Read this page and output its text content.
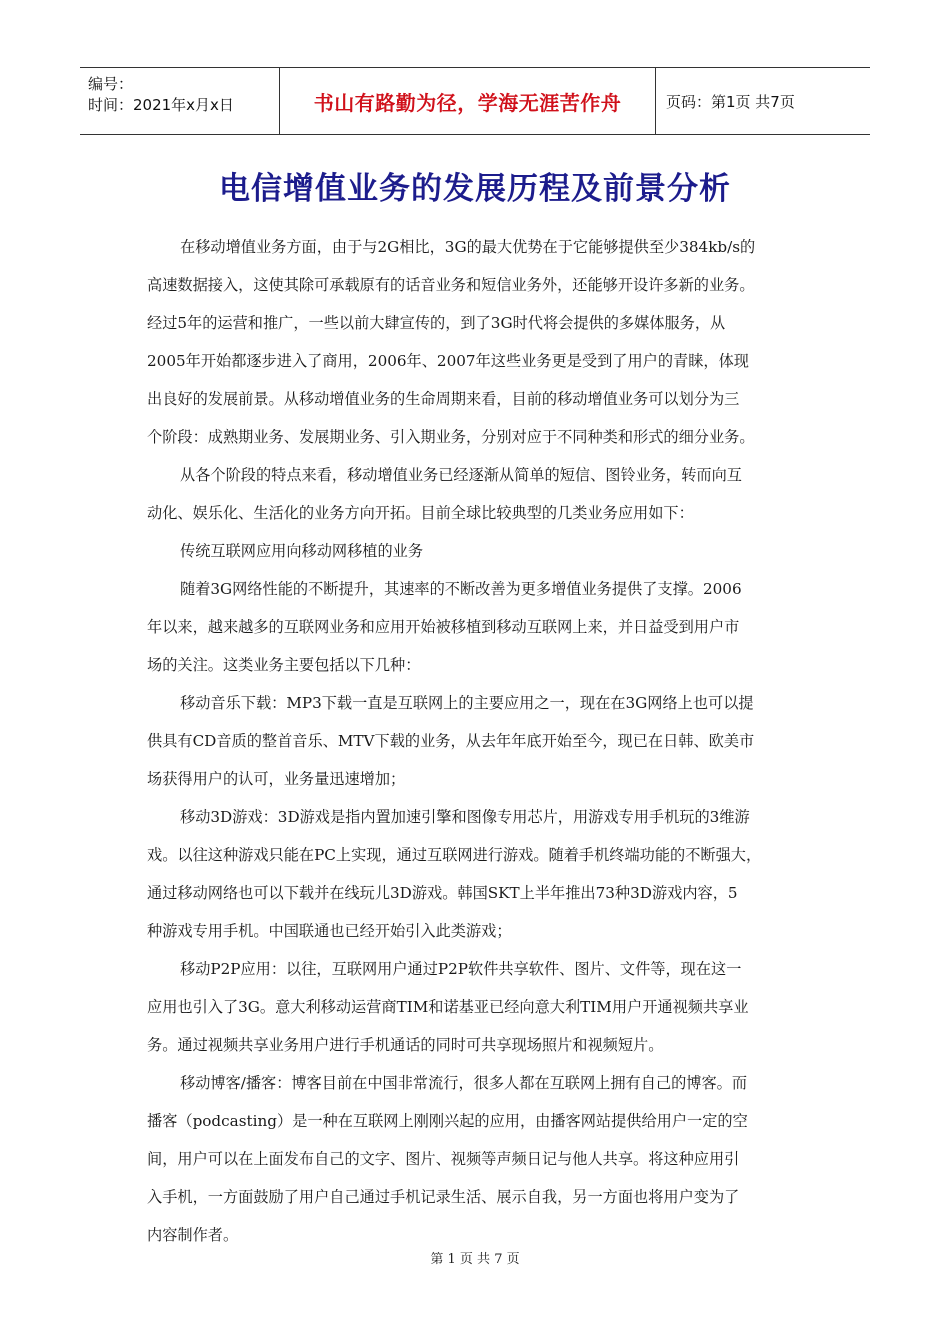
编号：
时间：2021年x月x日	书山有路勤为径，学海无涯苦作舟	页码：第1页 共7页
电信增值业务的发展历程及前景分析
在移动增值业务方面，由于与2G相比，3G的最大优势在于它能够提供至少384kb/s的
高速数据接入，这使其除可承载原有的话音业务和短信业务外，还能够开设许多新的业务。
经过5年的运营和推广，一些以前大肆宣传的，到了3G时代将会提供的多媒体服务，从
2005年开始都逐步进入了商用，2006年、2007年这些业务更是受到了用户的青睐，体现
出良好的发展前景。从移动增值业务的生命周期来看，目前的移动增值业务可以划分为三
个阶段：成熟期业务、发展期业务、引入期业务，分别对应于不同种类和形式的细分业务。
从各个阶段的特点来看，移动增值业务已经逐渐从简单的短信、图铃业务，转而向互
动化、娱乐化、生活化的业务方向开拓。目前全球比较典型的几类业务应用如下：
传统互联网应用向移动网移植的业务
随着3G网络性能的不断提升，其速率的不断改善为更多增值业务提供了支撑。2006
年以来，越来越多的互联网业务和应用开始被移植到移动互联网上来，并日益受到用户市
场的关注。这类业务主要包括以下几种：
移动音乐下载：MP3下载一直是互联网上的主要应用之一，现在在3G网络上也可以提
供具有CD音质的整首音乐、MTV下载的业务，从去年年底开始至今，现已在日韩、欧美市
场获得用户的认可，业务量迅速增加；
移动3D游戏：3D游戏是指内置加速引擎和图像专用芯片，用游戏专用手机玩的3维游
戏。以往这种游戏只能在PC上实现，通过互联网进行游戏。随着手机终端功能的不断强大，
通过移动网络也可以下载并在线玩儿3D游戏。韩国SKT上半年推出73种3D游戏内容，5
种游戏专用手机。中国联通也已经开始引入此类游戏；
移动P2P应用：以往，互联网用户通过P2P软件共享软件、图片、文件等，现在这一
应用也引入了3G。意大利移动运营商TIM和诺基亚已经向意大利TIM用户开通视频共享业
务。通过视频共享业务用户进行手机通话的同时可共享现场照片和视频短片。
移动博客/播客：博客目前在中国非常流行，很多人都在互联网上拥有自己的博客。而
播客（podcasting）是一种在互联网上刚刚兴起的应用，由播客网站提供给用户一定的空
间，用户可以在上面发布自己的文字、图片、视频等声频日记与他人共享。将这种应用引
入手机，一方面鼓励了用户自己通过手机记录生活、展示自我，另一方面也将用户变为了
内容制作者。
第 1 页 共 7 页
